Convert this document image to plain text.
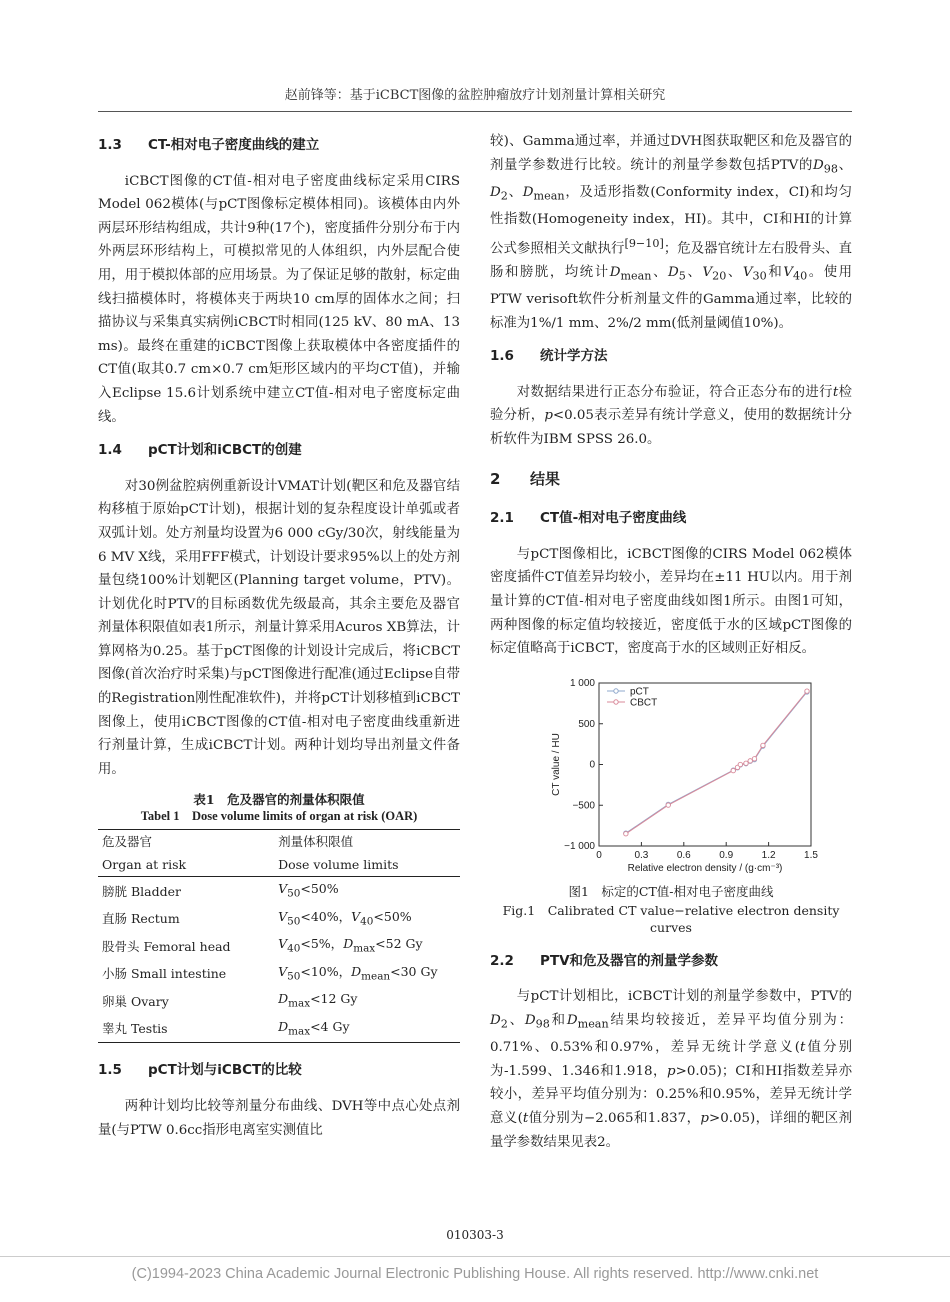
赵前锋等：基于iCBCT图像的盆腔肿瘤放疗计划剂量计算相关研究
1.3 CT-相对电子密度曲线的建立

iCBCT图像的CT值-相对电子密度曲线标定采用CIRS Model 062模体(与pCT图像标定模体相同)。该模体由内外两层环形结构组成，共计9种(17个)，密度插件分别分布于内外两层环形结构上，可模拟常见的人体组织，内外层配合使用，用于模拟体部的应用场景。为了保证足够的散射，标定曲线扫描模体时，将模体夹于两块10 cm厚的固体水之间；扫描协议与采集真实病例iCBCT时相同(125 kV、80 mA、13 ms)。最终在重建的iCBCT图像上获取模体中各密度插件的CT值(取其0.7 cm×0.7 cm矩形区域内的平均CT值)，并输入Eclipse 15.6计划系统中建立CT值-相对电子密度标定曲线。

1.4 pCT计划和iCBCT的创建

对30例盆腔病例重新设计VMAT计划(靶区和危及器官结构移植于原始pCT计划)，根据计划的复杂程度设计单弧或者双弧计划。处方剂量均设置为6 000 cGy/30次，射线能量为6 MV X线，采用FFF模式，计划设计要求95%以上的处方剂量包绕100%计划靶区(Planning target volume，PTV)。计划优化时PTV的目标函数优先级最高，其余主要危及器官剂量体积限值如表1所示，剂量计算采用Acuros XB算法，计算网格为0.25。基于pCT图像的计划设计完成后，将iCBCT图像(首次治疗时采集)与pCT图像进行配准(通过Eclipse自带的Registration刚性配准软件)，并将pCT计划移植到iCBCT图像上，使用iCBCT图像的CT值-相对电子密度曲线重新进行剂量计算，生成iCBCT计划。两种计划均导出剂量文件备用。

表1　危及器官的剂量体积限值
Tabel 1　Dose volume limits of organ at risk (OAR)
危及器官	剂量体积限值
Organ at risk	Dose volume limits
膀胱 Bladder	$V_{50}<50\%$
直肠 Rectum	$V_{50}<40\%$，$V_{40}<50\%$
股骨头 Femoral head	$V_{40}<5\%$，$D_{max}<52$ Gy
小肠 Small intestine	$V_{50}<10\%$，$D_{mean}<30$ Gy
卵巢 Ovary	$D_{max}<12$ Gy
睾丸 Testis	$D_{max}<4$ Gy
1.5 pCT计划与iCBCT的比较

两种计划均比较等剂量分布曲线、DVH等中点心处点剂量(与PTW 0.6cc指形电离室实测值比

较)、Gamma通过率，并通过DVH图获取靶区和危及器官的剂量学参数进行比较。统计的剂量学参数包括PTV的$D_{98}$、$D_2$、$D_{mean}$，及适形指数(Conformity index，CI)和均匀性指数(Homogeneity index，HI)。其中，CI和HI的计算公式参照相关文献执行[9−10]；危及器官统计左右股骨头、直肠和膀胱，均统计$D_{mean}$、$D_5$、$V_{20}$、$V_{30}$和$V_{40}$。使用PTW verisoft软件分析剂量文件的Gamma通过率，比较的标准为1%/1 mm、2%/2 mm(低剂量阈值10%)。

1.6 统计学方法

对数据结果进行正态分布验证，符合正态分布的进行t检验分析，p<0.05表示差异有统计学意义，使用的数据统计分析软件为IBM SPSS 26.0。

2 结果
2.1 CT值-相对电子密度曲线

与pCT图像相比，iCBCT图像的CIRS Model 062模体密度插件CT值差异均较小，差异均在±11 HU以内。用于剂量计算的CT值-相对电子密度曲线如图1所示。由图1可知，两种图像的标定值均较接近，密度低于水的区域pCT图像的标定值略高于iCBCT，密度高于水的区域则正好相反。

0	0.3	0.6	0.9	1.2	1.5
−1 000
−500
0
500
1 000
Relative electron density / (g·cm⁻³)
CT value / HU
pCT
CBCT
图1　标定的CT值-相对电子密度曲线
Fig.1　Calibrated CT value−relative electron density curves
2.2 PTV和危及器官的剂量学参数

与pCT计划相比，iCBCT计划的剂量学参数中，PTV的$D_2$、$D_{98}$和$D_{mean}$结果均较接近，差异平均值分别为：0.71%、0.53%和0.97%，差异无统计学意义(t值分别为-1.599、1.346和1.918，p>0.05)；CI和HI指数差异亦较小，差异平均值分别为：0.25%和0.95%，差异无统计学意义(t值分别为−2.065和1.837，p>0.05)，详细的靶区剂量学参数结果见表2。

010303-3
(C)1994-2023 China Academic Journal Electronic Publishing House. All rights reserved. http://www.cnki.net
